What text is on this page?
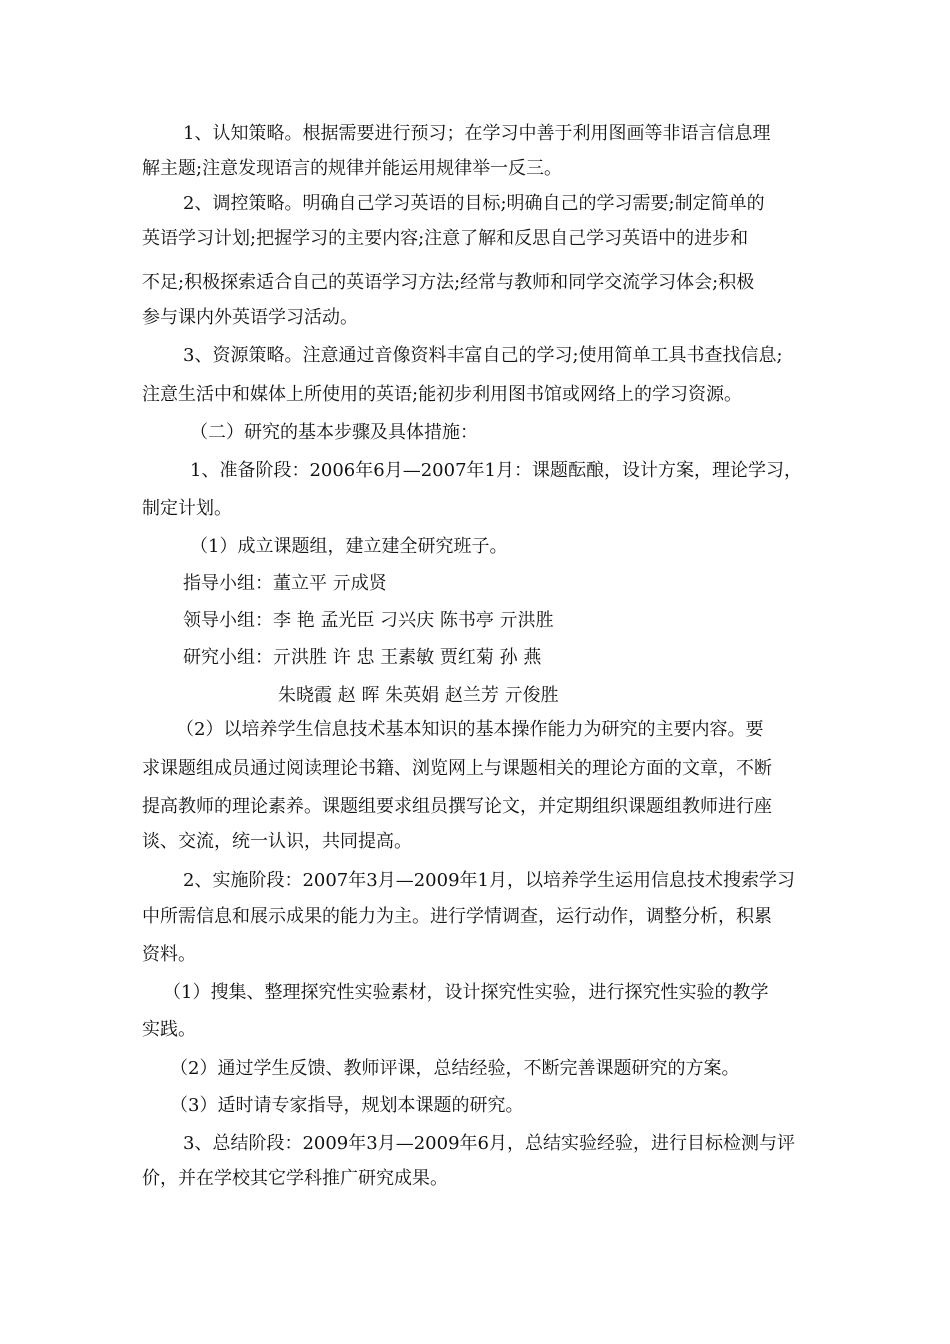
1、认知策略。根据需要进行预习；在学习中善于利用图画等非语言信息理
解主题;注意发现语言的规律并能运用规律举一反三。
2、调控策略。明确自己学习英语的目标;明确自己的学习需要;制定简单的
英语学习计划;把握学习的主要内容;注意了解和反思自己学习英语中的进步和
不足;积极探索适合自己的英语学习方法;经常与教师和同学交流学习体会;积极
参与课内外英语学习活动。
3、资源策略。注意通过音像资料丰富自己的学习;使用简单工具书查找信息;
注意生活中和媒体上所使用的英语;能初步利用图书馆或网络上的学习资源。
（二）研究的基本步骤及具体措施：
1、准备阶段：2006年6月—2007年1月：课题酝酿，设计方案，理论学习，
制定计划。
（1）成立课题组，建立建全研究班子。
指导小组：董立平 亓成贤
领导小组：李 艳 孟光臣 刁兴庆 陈书亭 亓洪胜
研究小组：亓洪胜 许 忠 王素敏 贾红菊 孙 燕
朱晓霞 赵 晖 朱英娟 赵兰芳 亓俊胜
（2）以培养学生信息技术基本知识的基本操作能力为研究的主要内容。要
求课题组成员通过阅读理论书籍、浏览网上与课题相关的理论方面的文章，不断
提高教师的理论素养。课题组要求组员撰写论文，并定期组织课题组教师进行座
谈、交流，统一认识，共同提高。
2、实施阶段：2007年3月—2009年1月，以培养学生运用信息技术搜索学习
中所需信息和展示成果的能力为主。进行学情调查，运行动作，调整分析，积累
资料。
（1）搜集、整理探究性实验素材，设计探究性实验，进行探究性实验的教学
实践。
（2）通过学生反馈、教师评课，总结经验，不断完善课题研究的方案。
（3）适时请专家指导，规划本课题的研究。
3、总结阶段：2009年3月—2009年6月，总结实验经验，进行目标检测与评
价，并在学校其它学科推广研究成果。
